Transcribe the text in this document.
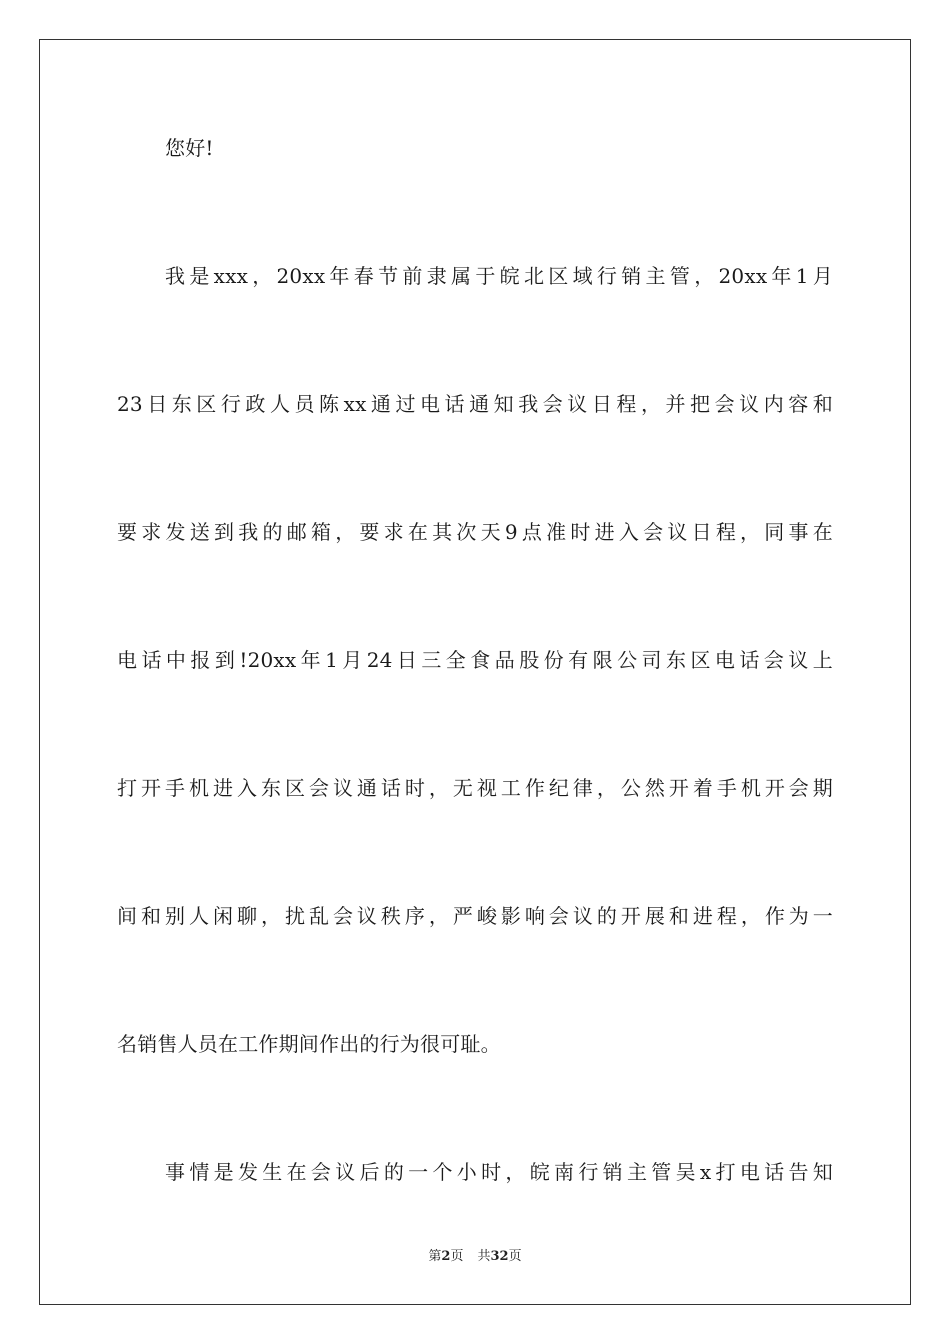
您好!
我是xxx，20xx年春节前隶属于皖北区域行销主管，20xx年1月
23日东区行政人员陈xx通过电话通知我会议日程，并把会议内容和
要求发送到我的邮箱，要求在其次天9点准时进入会议日程，同事在
电话中报到!20xx年1月24日三全食品股份有限公司东区电话会议上
打开手机进入东区会议通话时，无视工作纪律，公然开着手机开会期
间和别人闲聊，扰乱会议秩序，严峻影响会议的开展和进程，作为一
名销售人员在工作期间作出的行为很可耻。
事情是发生在会议后的一个小时，皖南行销主管吴x打电话告知
第2页 共32页
